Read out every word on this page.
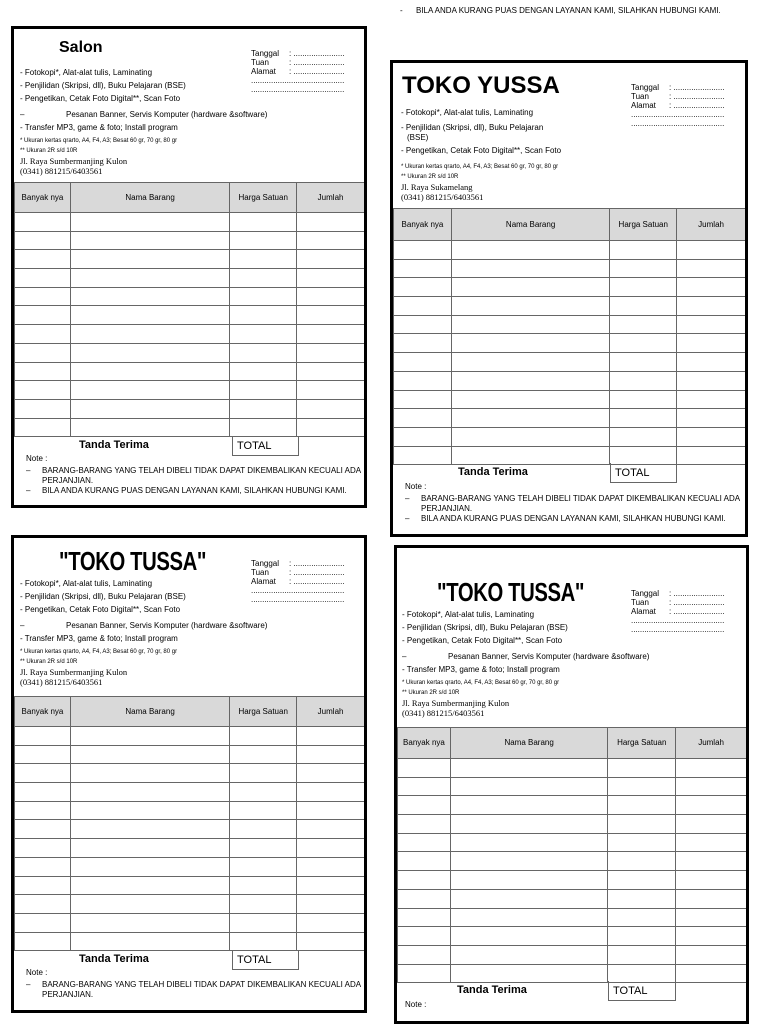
- BILA ANDA KURANG PUAS DENGAN LAYANAN KAMI, SILAHKAN HUBUNGI KAMI.
Salon	Tanggal	: .......................
Tuan	: .......................
Alamat	: .......................
..........................................
..........................................
- Fotokopi*, Alat-alat tulis, Laminating
- Penjilidan (Skripsi, dll), Buku Pelajaran (BSE)
- Pengetikan, Cetak Foto Digital**, Scan Foto
–	Pesanan Banner, Servis Komputer (hardware &software)
- Transfer MP3, game & foto; Install program
* Ukuran kertas qrarto, A4, F4, A3; Besat 60 gr, 70 gr, 80 gr
** Ukuran 2R s/d 10R
Jl. Raya Sumbermanjing Kulon
(0341) 881215/6403561
Banyak nya	Nama Barang	Harga Satuan	Jumlah

Tanda Terima	TOTAL
Note :
– BARANG-BARANG YANG TELAH DIBELI TIDAK DAPAT DIKEMBALIKAN KECUALI ADA PERJANJIAN.
– BILA ANDA KURANG PUAS DENGAN LAYANAN KAMI, SILAHKAN HUBUNGI KAMI.
TOKO YUSSA	Tanggal	: .......................
Tuan	: .......................
Alamat	: .......................
..........................................
..........................................
- Fotokopi*, Alat-alat tulis, Laminating
- Penjilidan (Skripsi, dll), Buku Pelajaran
(BSE)
- Pengetikan, Cetak Foto Digital**, Scan Foto
* Ukuran kertas qrarto, A4, F4, A3; Besat 60 gr, 70 gr, 80 gr
** Ukuran 2R s/d 10R
Jl. Raya Sukamelang
(0341) 881215/6403561
Banyak nya	Nama Barang	Harga Satuan	Jumlah

Tanda Terima	TOTAL
Note :
– BARANG-BARANG YANG TELAH DIBELI TIDAK DAPAT DIKEMBALIKAN KECUALI ADA PERJANJIAN.
– BILA ANDA KURANG PUAS DENGAN LAYANAN KAMI, SILAHKAN HUBUNGI KAMI.
"TOKO TUSSA"	Tanggal	: .......................
Tuan	: .......................
Alamat	: .......................
..........................................
..........................................
- Fotokopi*, Alat-alat tulis, Laminating
- Penjilidan (Skripsi, dll), Buku Pelajaran (BSE)
- Pengetikan, Cetak Foto Digital**, Scan Foto
–	Pesanan Banner, Servis Komputer (hardware &software)
- Transfer MP3, game & foto; Install program
* Ukuran kertas qrarto, A4, F4, A3; Besat 60 gr, 70 gr, 80 gr
** Ukuran 2R s/d 10R
Jl. Raya Sumbermanjing Kulon
(0341) 881215/6403561
Banyak nya	Nama Barang	Harga Satuan	Jumlah

Tanda Terima	TOTAL
Note :
– BARANG-BARANG YANG TELAH DIBELI TIDAK DAPAT DIKEMBALIKAN KECUALI ADA PERJANJIAN.
"TOKO TUSSA"	Tanggal	: .......................
Tuan	: .......................
Alamat	: .......................
..........................................
..........................................
- Fotokopi*, Alat-alat tulis, Laminating
- Penjilidan (Skripsi, dll), Buku Pelajaran (BSE)
- Pengetikan, Cetak Foto Digital**, Scan Foto
–	Pesanan Banner, Servis Komputer (hardware &software)
- Transfer MP3, game & foto; Install program
* Ukuran kertas qrarto, A4, F4, A3; Besat 60 gr, 70 gr, 80 gr
** Ukuran 2R s/d 10R
Jl. Raya Sumbermanjing Kulon
(0341) 881215/6403561
Banyak nya	Nama Barang	Harga Satuan	Jumlah

Tanda Terima	TOTAL
Note :
